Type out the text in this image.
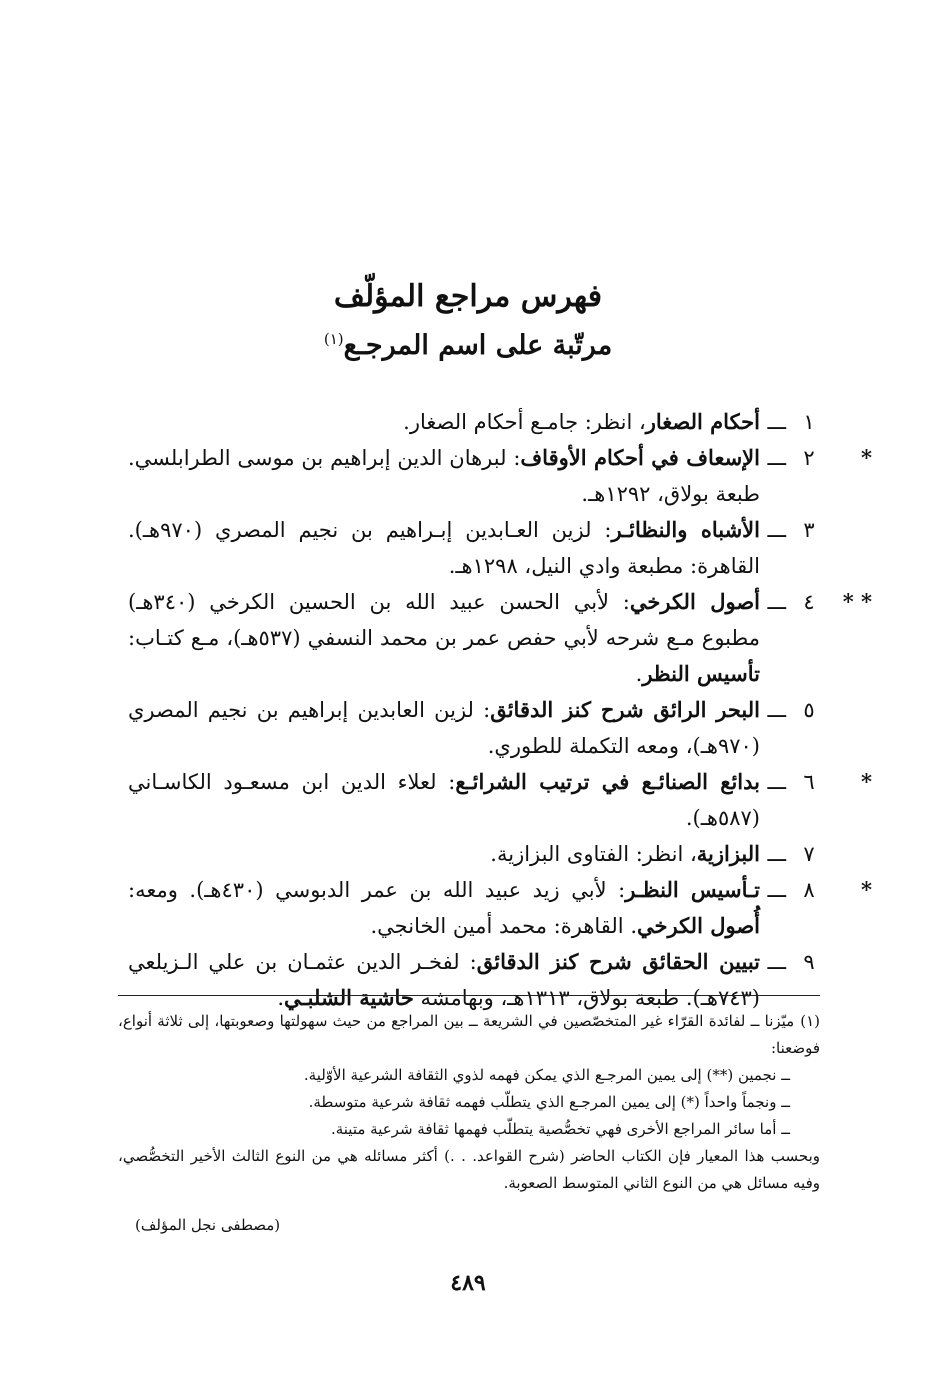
فهرس مراجع المؤلّف
مرتّبة على اسم المرجـع$^{(١)}$
١
ـــ
أحكام الصغار، انظر: جامـع أحكام الصغار.
*
٢
ـــ
الإسعاف في أحكام الأوقاف: لبرهان الدين إبراهيم بن موسى الطرابلسي. طبعة بولاق، ١٢٩٢هـ.
٣
ـــ
الأشباه والنظائـر: لزين العـابدين إبـراهيم بن نجيم المصري (٩٧٠هـ). القاهرة: مطبعة وادي النيل، ١٢٩٨هـ.
* *
٤
ـــ
أصول الكرخي: لأبي الحسن عبيد الله بن الحسين الكرخي (٣٤٠هـ) مطبوع مـع شرحه لأبي حفص عمر بن محمد النسفي (٥٣٧هـ)، مـع كتـاب: تأسيس النظر.
٥
ـــ
البحر الرائق شرح كنز الدقائق: لزين العابدين إبراهيم بن نجيم المصري (٩٧٠هـ)، ومعه التكملة للطوري.
*
٦
ـــ
بدائع الصنائـع في ترتيب الشرائـع: لعلاء الدين ابن مسعـود الكاسـاني (٥٨٧هـ).
٧
ـــ
البزازية، انظر: الفتاوى البزازية.
*
٨
ـــ
تـأسيس النظـر: لأبي زيد عبيد الله بن عمر الدبوسي (٤٣٠هـ). ومعه: أُصول الكرخي. القاهرة: محمد أمين الخانجي.
٩
ـــ
تبيين الحقائق شرح كنز الدقائق: لفخـر الدين عثمـان بن علي الـزيلعي (٧٤٣هـ). طبعة بولاق، ١٣١٣هـ، وبهامشه حاشية الشلبـي.

(١)ميّزنا ــ لفائدة القرّاء غير المتخصّصين في الشريعة ــ بين المراجع من حيث سهولتها وصعوبتها، إلى ثلاثة أنواع، فوضعنا:

ــ نجمين (**) إلى يمين المرجـع الذي يمكن فهمه لذوي الثقافة الشرعية الأوّلية.

ــ ونجماً واحداً (*) إلى يمين المرجـع الذي يتطلّب فهمه ثقافة شرعية متوسطة.

ــ أما سائر المراجع الأخرى فهي تخصُّصية يتطلّب فهمها ثقافة شرعية متينة.

وبحسب هذا المعيار فإن الكتاب الحاضر (شرح القواعد. . .) أكثر مسائله هي من النوع الثالث الأخير التخصُّصي، وفيه مسائل هي من النوع الثاني المتوسط الصعوبة.

(مصطفى نجل المؤلف)
٤٨٩
